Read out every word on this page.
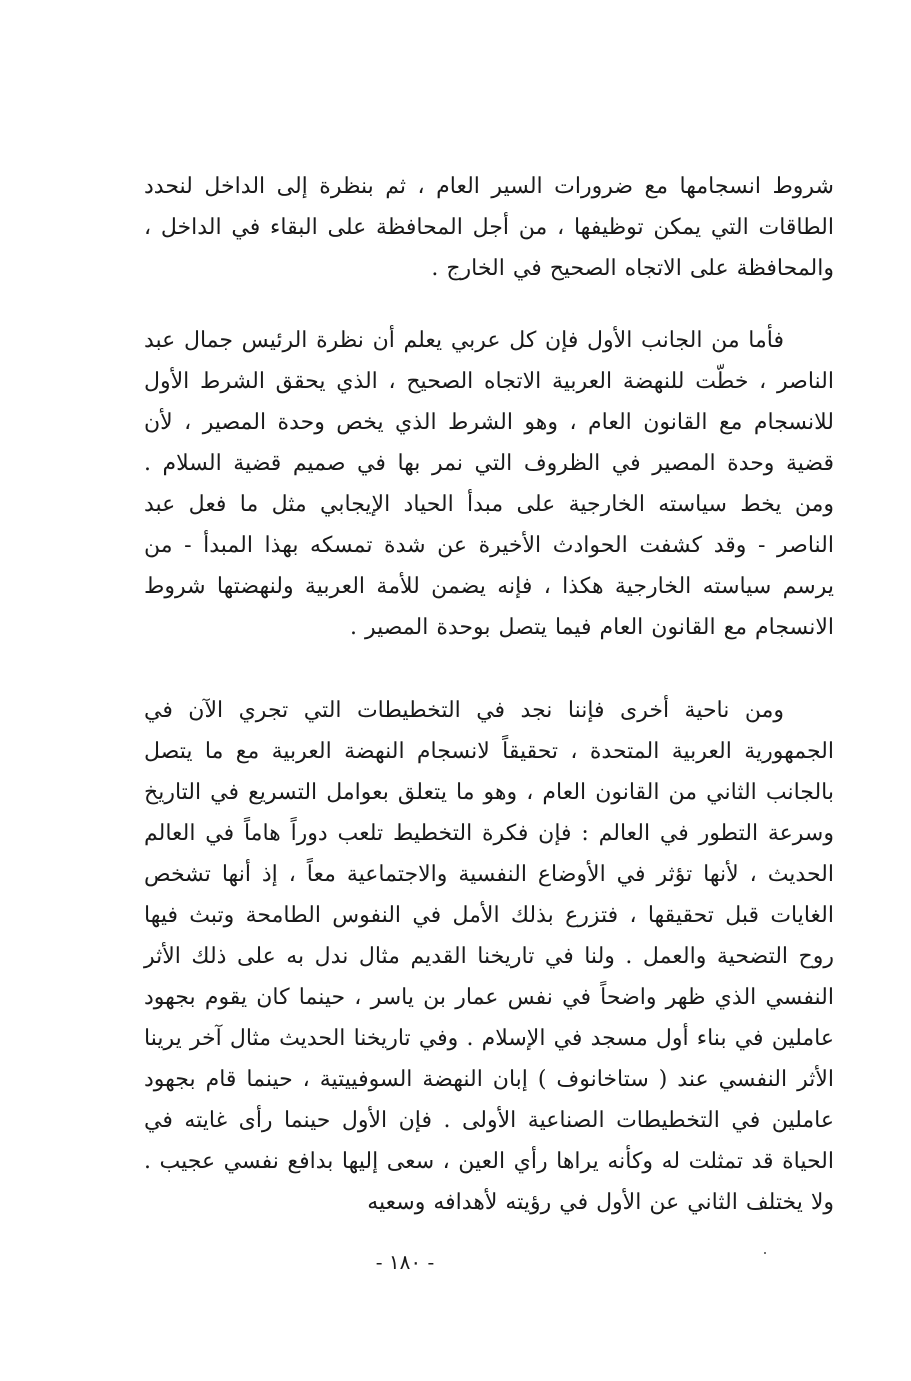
شروط انسجامها مع ضرورات السير العام ، ثم بنظرة إلى الداخل لنحدد الطاقات التي يمكن توظيفها ، من أجل المحافظة على البقاء في الداخل ، والمحافظة على الاتجاه الصحيح في الخارج .

فأما من الجانب الأول فإن كل عربي يعلم أن نظرة الرئيس جمال عبد الناصر ، خطّت للنهضة العربية الاتجاه الصحيح ، الذي يحقق الشرط الأول للانسجام مع القانون العام ، وهو الشرط الذي يخص وحدة المصير ، لأن قضية وحدة المصير في الظروف التي نمر بها في صميم قضية السلام . ومن يخط سياسته الخارجية على مبدأ الحياد الإيجابي مثل ما فعل عبد الناصر - وقد كشفت الحوادث الأخيرة عن شدة تمسكه بهذا المبدأ - من يرسم سياسته الخارجية هكذا ، فإنه يضمن للأمة العربية ولنهضتها شروط الانسجام مع القانون العام فيما يتصل بوحدة المصير .

ومن ناحية أخرى فإننا نجد في التخطيطات التي تجري الآن في الجمهورية العربية المتحدة ، تحقيقاً لانسجام النهضة العربية مع ما يتصل بالجانب الثاني من القانون العام ، وهو ما يتعلق بعوامل التسريع في التاريخ وسرعة التطور في العالم : فإن فكرة التخطيط تلعب دوراً هاماً في العالم الحديث ، لأنها تؤثر في الأوضاع النفسية والاجتماعية معاً ، إذ أنها تشخص الغايات قبل تحقيقها ، فتزرع بذلك الأمل في النفوس الطامحة وتبث فيها روح التضحية والعمل . ولنا في تاريخنا القديم مثال ندل به على ذلك الأثر النفسي الذي ظهر واضحاً في نفس عمار بن ياسر ، حينما كان يقوم بجهود عاملين في بناء أول مسجد في الإسلام . وفي تاريخنا الحديث مثال آخر يرينا الأثر النفسي عند ( ستاخانوف ) إبان النهضة السوفييتية ، حينما قام بجهود عاملين في التخطيطات الصناعية الأولى . فإن الأول حينما رأى غايته في الحياة قد تمثلت له وكأنه يراها رأي العين ، سعى إليها بدافع نفسي عجيب . ولا يختلف الثاني عن الأول في رؤيته لأهدافه وسعيه

- ١٨٠ -
